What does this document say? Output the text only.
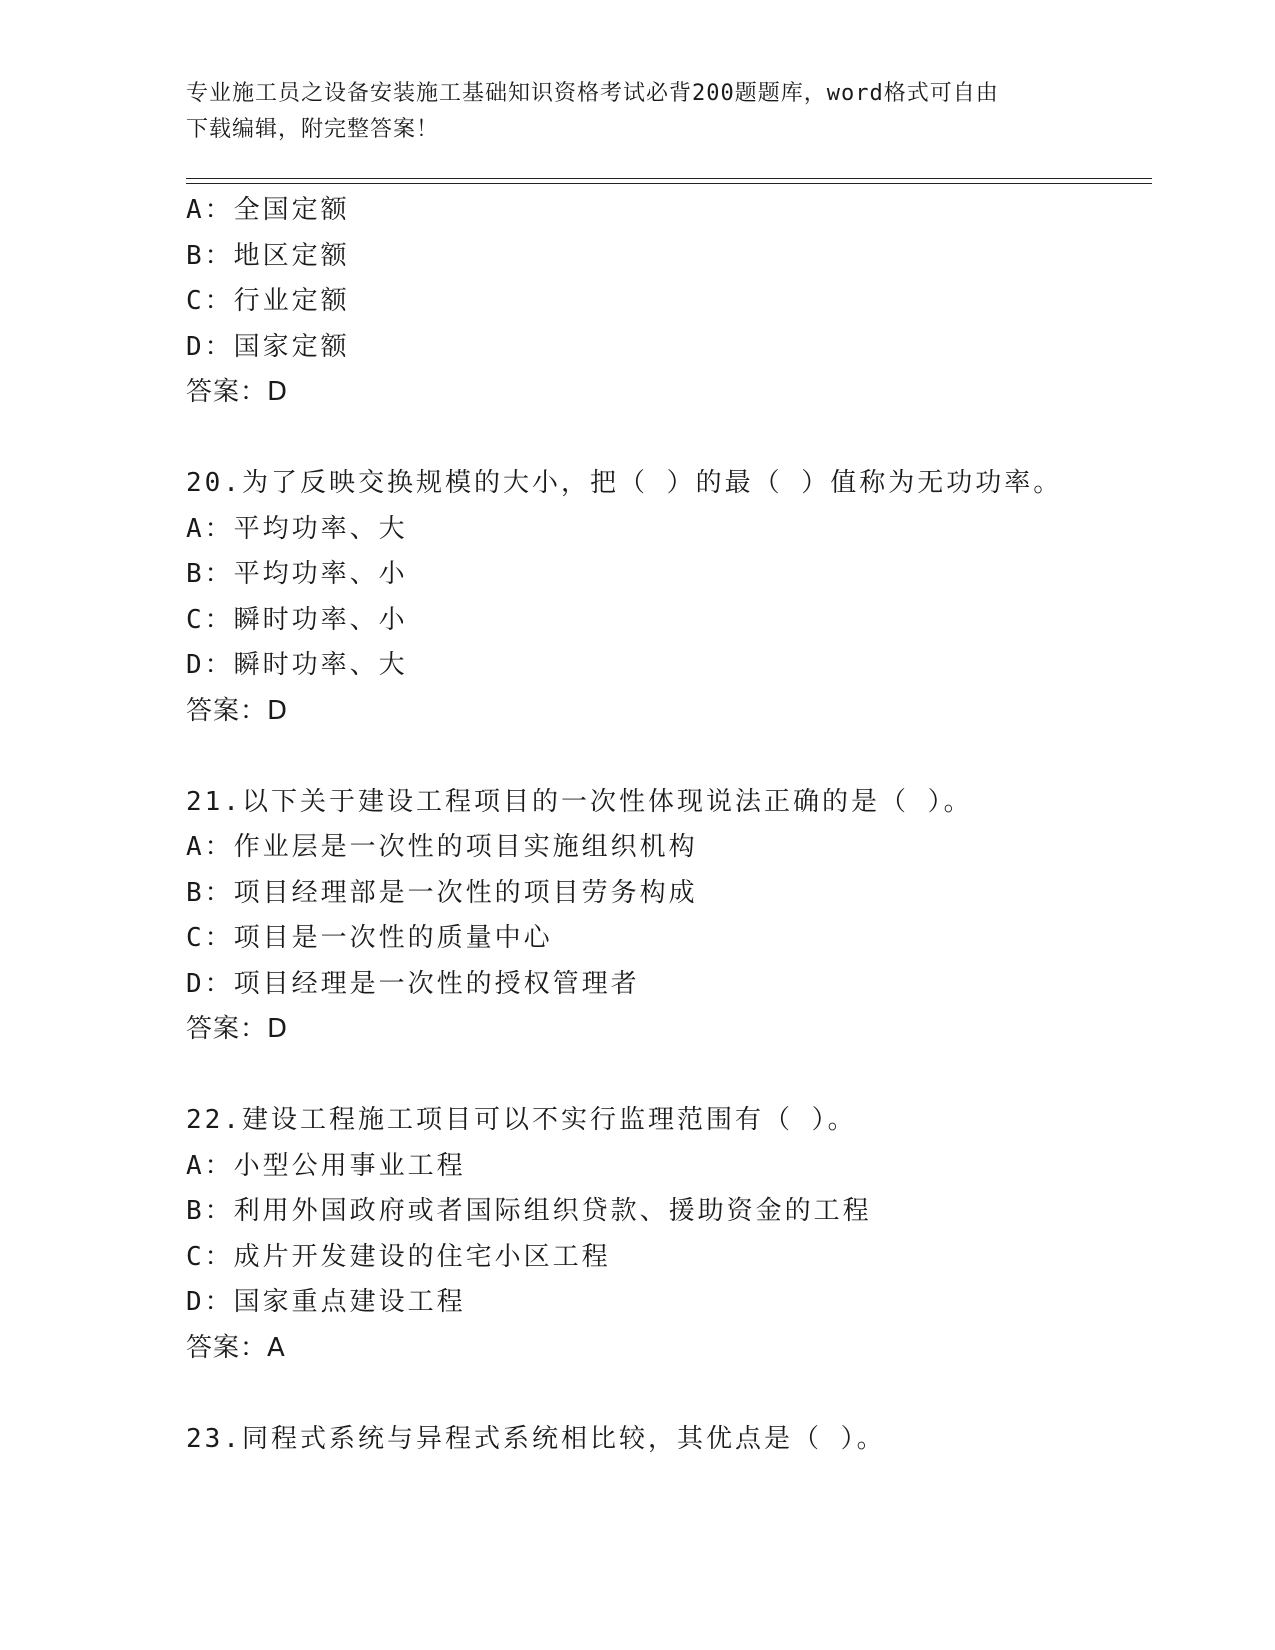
专业施工员之设备安装施工基础知识资格考试必背200题题库，word格式可自由
下载编辑，附完整答案！
A：全国定额
B：地区定额
C：行业定额
D：国家定额
答案：D
20.为了反映交换规模的大小，把（ ）的最（ ）值称为无功功率。
A：平均功率、大
B：平均功率、小
C：瞬时功率、小
D：瞬时功率、大
答案：D
21.以下关于建设工程项目的一次性体现说法正确的是（ ）。
A：作业层是一次性的项目实施组织机构
B：项目经理部是一次性的项目劳务构成
C：项目是一次性的质量中心
D：项目经理是一次性的授权管理者
答案：D
22.建设工程施工项目可以不实行监理范围有（ ）。
A：小型公用事业工程
B：利用外国政府或者国际组织贷款、援助资金的工程
C：成片开发建设的住宅小区工程
D：国家重点建设工程
答案：A
23.同程式系统与异程式系统相比较，其优点是（ ）。
